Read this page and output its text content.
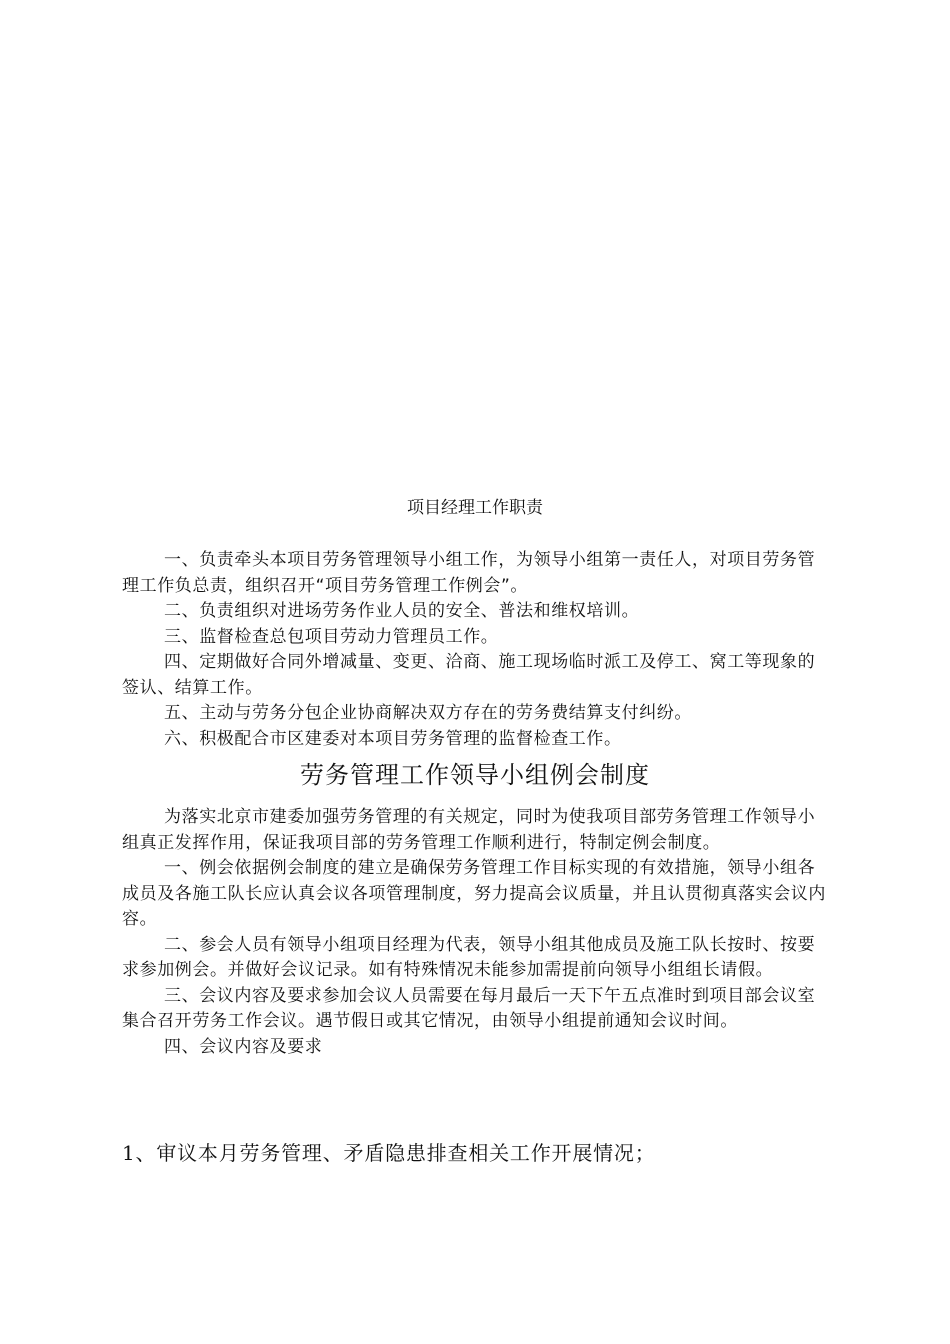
项目经理工作职责

一、负责牵头本项目劳务管理领导小组工作，为领导小组第一责任人，对项目劳务管理工作负总责，组织召开“项目劳务管理工作例会”。

二、负责组织对进场劳务作业人员的安全、普法和维权培训。

三、监督检查总包项目劳动力管理员工作。

四、定期做好合同外增减量、变更、洽商、施工现场临时派工及停工、窝工等现象的签认、结算工作。

五、主动与劳务分包企业协商解决双方存在的劳务费结算支付纠纷。

六、积极配合市区建委对本项目劳务管理的监督检查工作。

劳务管理工作领导小组例会制度

为落实北京市建委加强劳务管理的有关规定，同时为使我项目部劳务管理工作领导小组真正发挥作用，保证我项目部的劳务管理工作顺利进行，特制定例会制度。

一、例会依据例会制度的建立是确保劳务管理工作目标实现的有效措施，领导小组各成员及各施工队长应认真会议各项管理制度，努力提高会议质量，并且认贯彻真落实会议内容。

二、参会人员有领导小组项目经理为代表，领导小组其他成员及施工队长按时、按要求参加例会。并做好会议记录。如有特殊情况未能参加需提前向领导小组组长请假。

三、会议内容及要求参加会议人员需要在每月最后一天下午五点准时到项目部会议室集合召开劳务工作会议。遇节假日或其它情况，由领导小组提前通知会议时间。

四、会议内容及要求

1、审议本月劳务管理、矛盾隐患排查相关工作开展情况；
